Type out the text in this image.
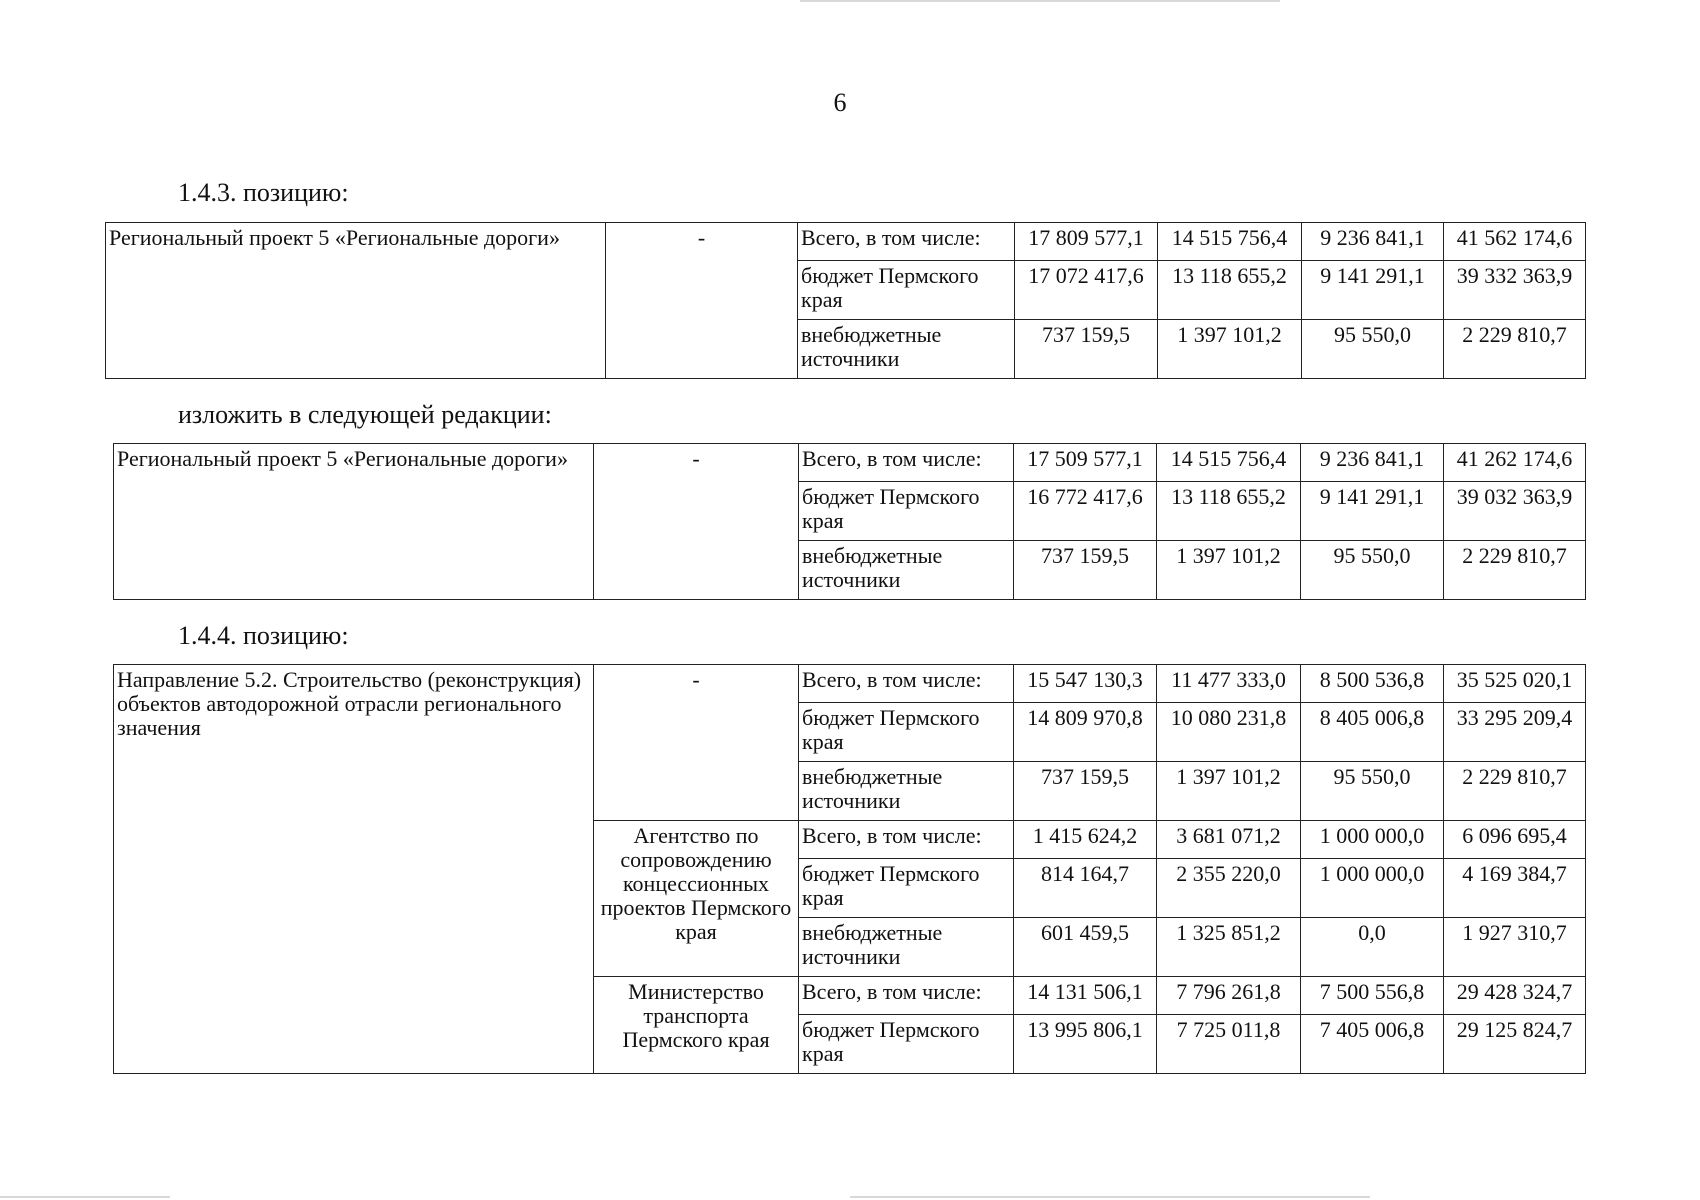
6
1.4.3. позицию:
Региональный проект 5 «Региональные дороги»	-	Всего, в том числе:	17 809 577,1	14 515 756,4	9 236 841,1	41 562 174,6
		бюджет Пермского края	17 072 417,6	13 118 655,2	9 141 291,1	39 332 363,9
		внебюджетные источники	737 159,5	1 397 101,2	95 550,0	2 229 810,7
изложить в следующей редакции:
Региональный проект 5 «Региональные дороги»	-	Всего, в том числе:	17 509 577,1	14 515 756,4	9 236 841,1	41 262 174,6
		бюджет Пермского края	16 772 417,6	13 118 655,2	9 141 291,1	39 032 363,9
		внебюджетные источники	737 159,5	1 397 101,2	95 550,0	2 229 810,7
1.4.4. позицию:
Направление 5.2. Строительство (реконструкция) объектов автодорожной отрасли регионального значения	-	Всего, в том числе:	15 547 130,3	11 477 333,0	8 500 536,8	35 525 020,1
		бюджет Пермского края	14 809 970,8	10 080 231,8	8 405 006,8	33 295 209,4
		внебюджетные источники	737 159,5	1 397 101,2	95 550,0	2 229 810,7
	Агентство по сопровождению концессионных проектов Пермского края	Всего, в том числе:	1 415 624,2	3 681 071,2	1 000 000,0	6 096 695,4
		бюджет Пермского края	814 164,7	2 355 220,0	1 000 000,0	4 169 384,7
		внебюджетные источники	601 459,5	1 325 851,2	0,0	1 927 310,7
	Министерство транспорта Пермского края	Всего, в том числе:	14 131 506,1	7 796 261,8	7 500 556,8	29 428 324,7
		бюджет Пермского края	13 995 806,1	7 725 011,8	7 405 006,8	29 125 824,7
